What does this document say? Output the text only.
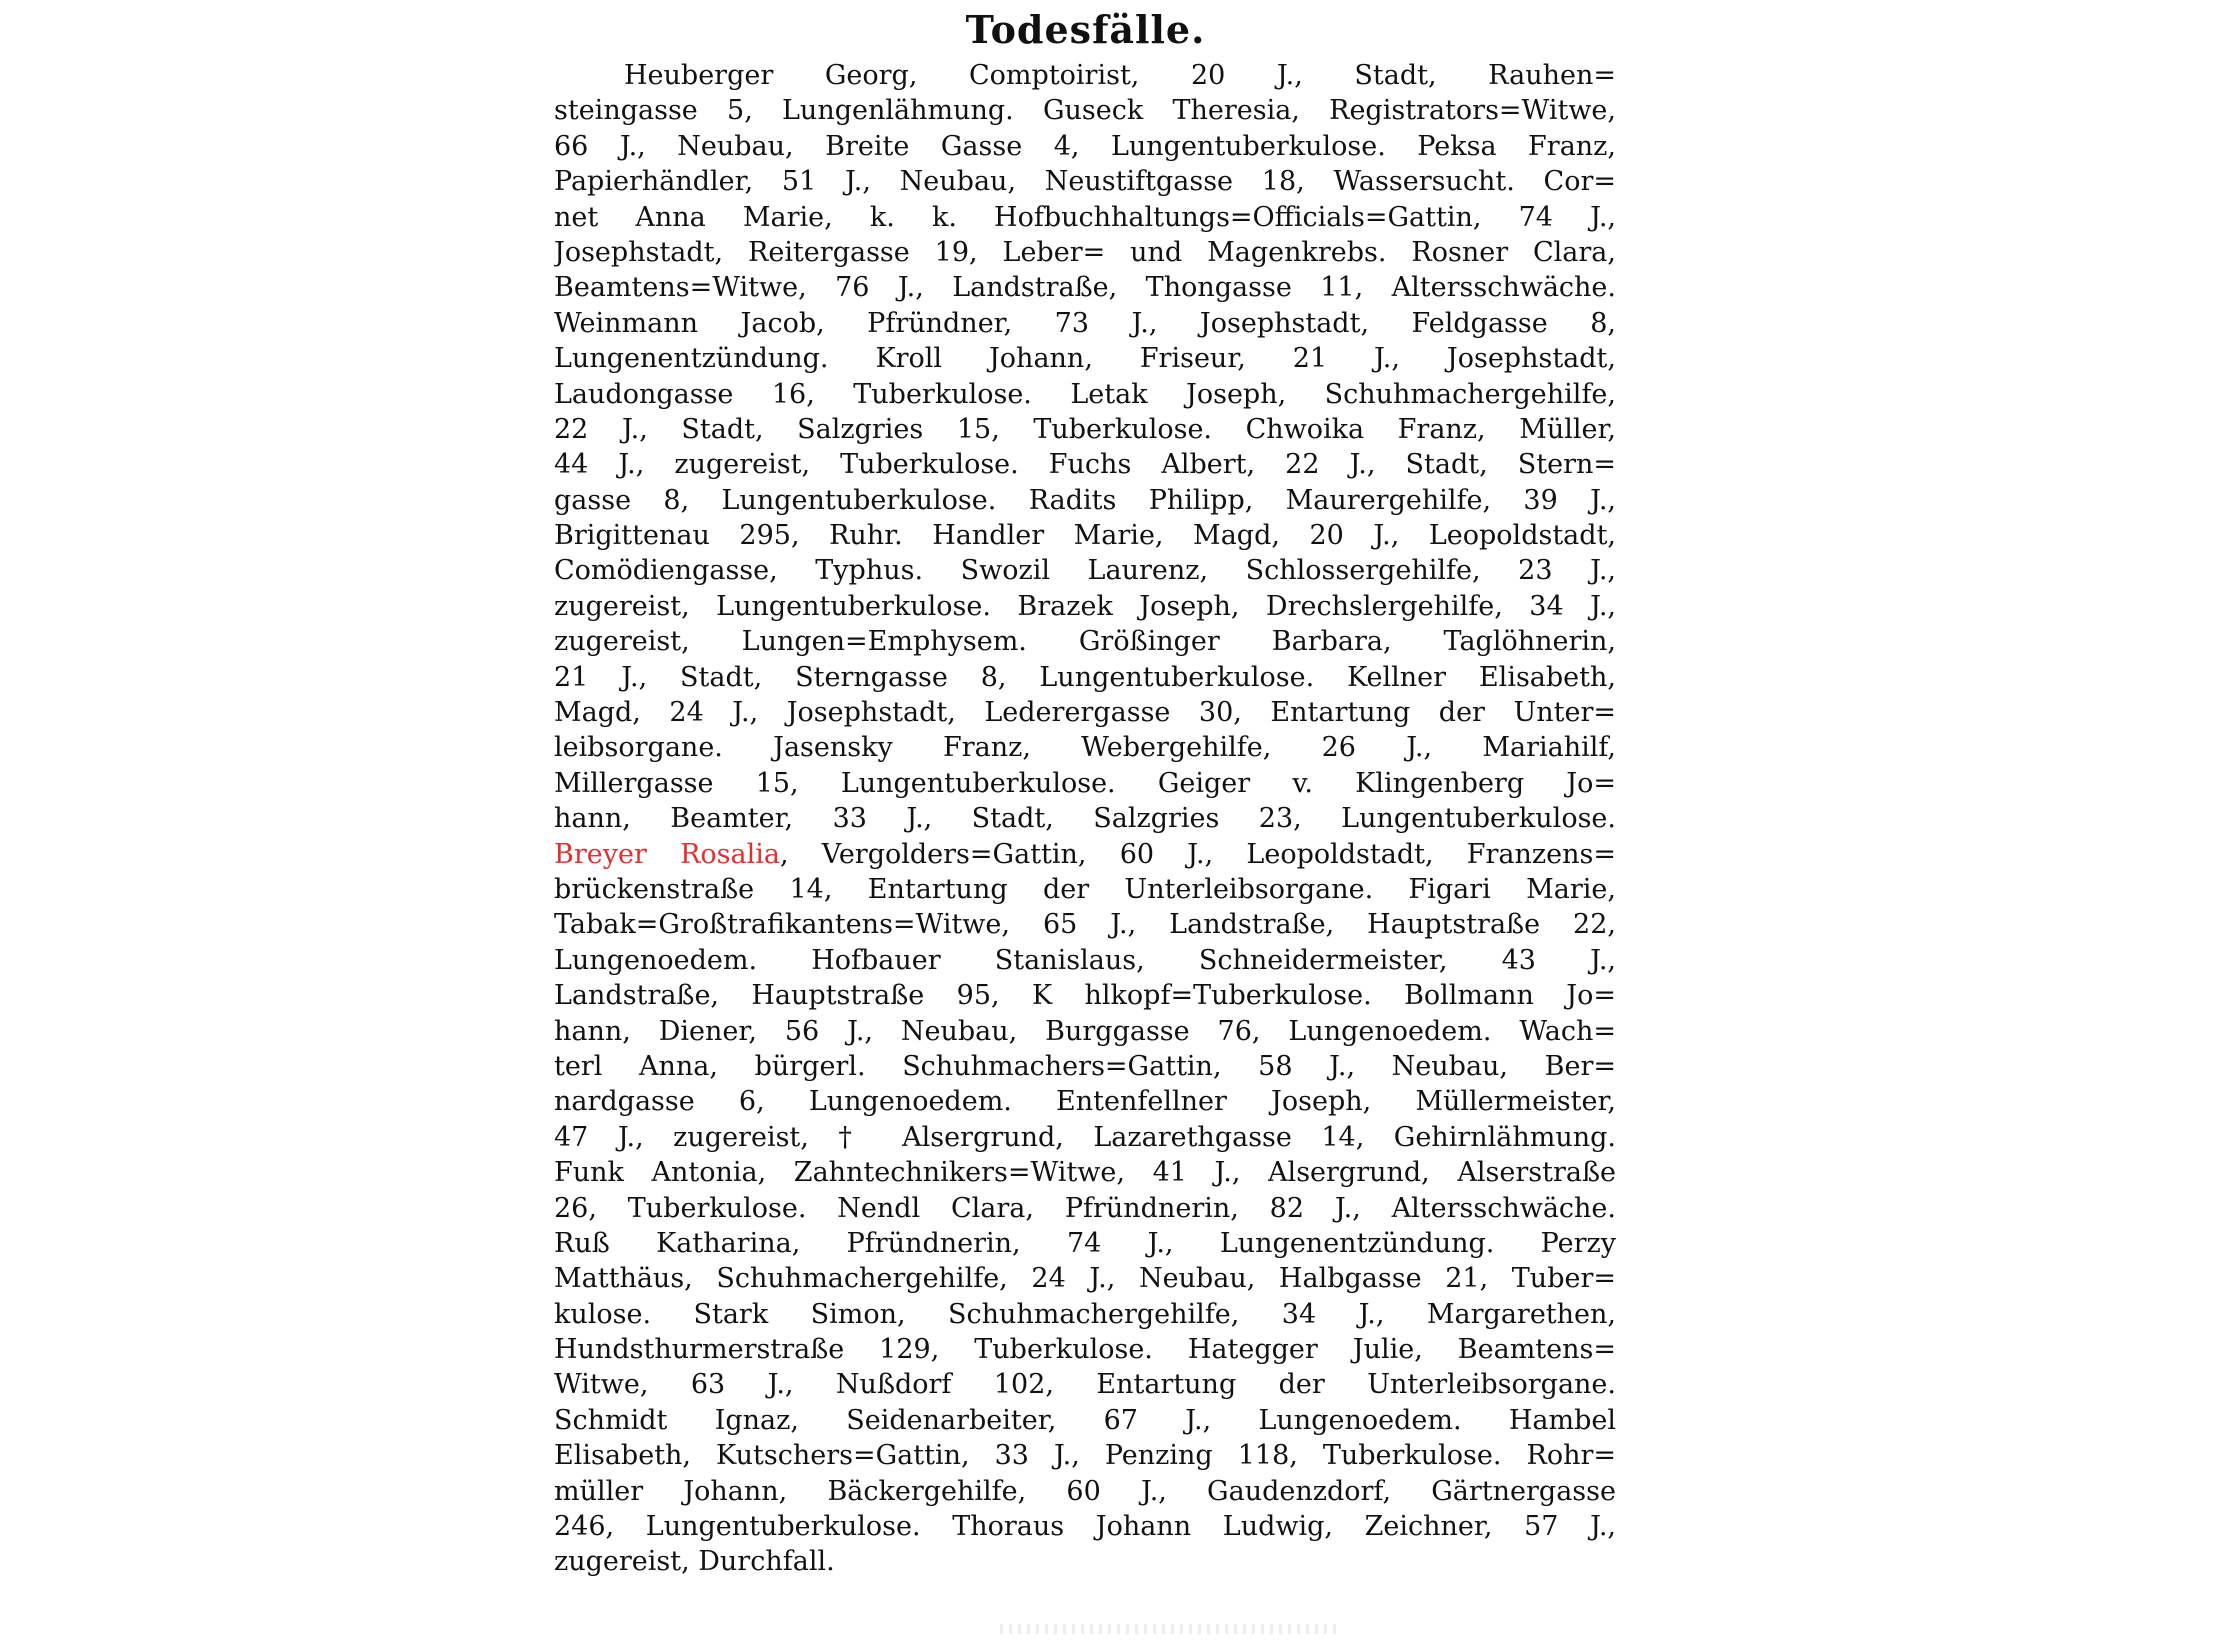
Todesfälle.
Heuberger Georg, Comptoirist, 20 J., Stadt, Rauhen=
steingasse 5, Lungenlähmung. Guseck Theresia, Registrators=Witwe,
66 J., Neubau, Breite Gasse 4, Lungentuberkulose. Peksa Franz,
Papierhändler, 51 J., Neubau, Neustiftgasse 18, Wassersucht. Cor=
net Anna Marie, k. k. Hofbuchhaltungs=Officials=Gattin, 74 J.,
Josephstadt, Reitergasse 19, Leber= und Magenkrebs. Rosner Clara,
Beamtens=Witwe, 76 J., Landstraße, Thongasse 11, Altersschwäche.
Weinmann Jacob, Pfründner, 73 J., Josephstadt, Feldgasse 8,
Lungenentzündung. Kroll Johann, Friseur, 21 J., Josephstadt,
Laudongasse 16, Tuberkulose. Letak Joseph, Schuhmachergehilfe,
22 J., Stadt, Salzgries 15, Tuberkulose. Chwoika Franz, Müller,
44 J., zugereist, Tuberkulose. Fuchs Albert, 22 J., Stadt, Stern=
gasse 8, Lungentuberkulose. Radits Philipp, Maurergehilfe, 39 J.,
Brigittenau 295, Ruhr. Handler Marie, Magd, 20 J., Leopoldstadt,
Comödiengasse, Typhus. Swozil Laurenz, Schlossergehilfe, 23 J.,
zugereist, Lungentuberkulose. Brazek Joseph, Drechslergehilfe, 34 J.,
zugereist, Lungen=Emphysem. Größinger Barbara, Taglöhnerin,
21 J., Stadt, Sterngasse 8, Lungentuberkulose. Kellner Elisabeth,
Magd, 24 J., Josephstadt, Lederergasse 30, Entartung der Unter=
leibsorgane. Jasensky Franz, Webergehilfe, 26 J., Mariahilf,
Millergasse 15, Lungentuberkulose. Geiger v. Klingenberg Jo=
hann, Beamter, 33 J., Stadt, Salzgries 23, Lungentuberkulose.
Breyer Rosalia, Vergolders=Gattin, 60 J., Leopoldstadt, Franzens=
brückenstraße 14, Entartung der Unterleibsorgane. Figari Marie,
Tabak=Großtrafikantens=Witwe, 65 J., Landstraße, Hauptstraße 22,
Lungenoedem. Hofbauer Stanislaus, Schneidermeister, 43 J.,
Landstraße, Hauptstraße 95, K hlkopf=Tuberkulose. Bollmann Jo=
hann, Diener, 56 J., Neubau, Burggasse 76, Lungenoedem. Wach=
terl Anna, bürgerl. Schuhmachers=Gattin, 58 J., Neubau, Ber=
nardgasse 6, Lungenoedem. Entenfellner Joseph, Müllermeister,
47 J., zugereist, † Alsergrund, Lazarethgasse 14, Gehirnlähmung.
Funk Antonia, Zahntechnikers=Witwe, 41 J., Alsergrund, Alserstraße
26, Tuberkulose. Nendl Clara, Pfründnerin, 82 J., Altersschwäche.
Ruß Katharina, Pfründnerin, 74 J., Lungenentzündung. Perzy
Matthäus, Schuhmachergehilfe, 24 J., Neubau, Halbgasse 21, Tuber=
kulose. Stark Simon, Schuhmachergehilfe, 34 J., Margarethen,
Hundsthurmerstraße 129, Tuberkulose. Hategger Julie, Beamtens=
Witwe, 63 J., Nußdorf 102, Entartung der Unterleibsorgane.
Schmidt Ignaz, Seidenarbeiter, 67 J., Lungenoedem. Hambel
Elisabeth, Kutschers=Gattin, 33 J., Penzing 118, Tuberkulose. Rohr=
müller Johann, Bäckergehilfe, 60 J., Gaudenzdorf, Gärtnergasse
246, Lungentuberkulose. Thoraus Johann Ludwig, Zeichner, 57 J.,
zugereist, Durchfall.
